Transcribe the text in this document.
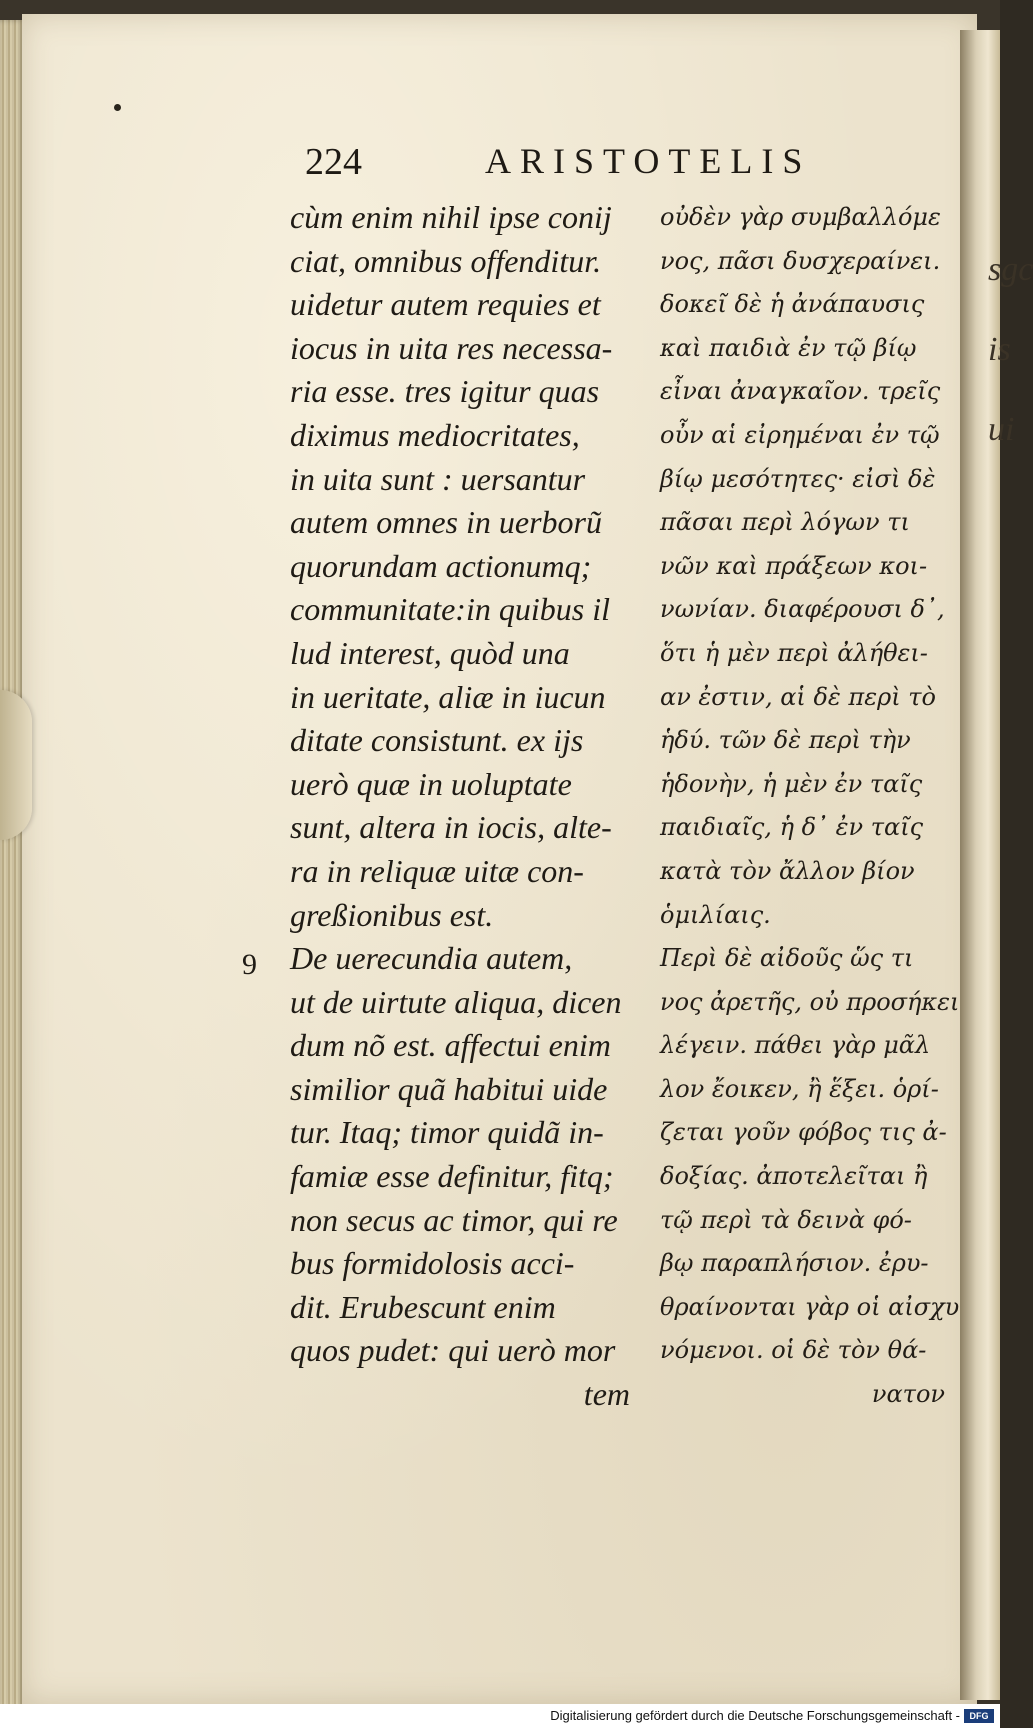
sgc is ui
224	ARISTOTELIS
9
cùm enim nihil ipse conij
ciat, omnibus offenditur.
uidetur autem requies et
iocus in uita res necessa-
ria esse. tres igitur quas
diximus mediocritates,
in uita sunt : uersantur
autem omnes in uerborũ
quorundam actionumq;
communitate:in quibus il
lud interest, quòd una
in ueritate, aliæ in iucun
ditate consistunt. ex ijs
uerò quæ in uoluptate
sunt, altera in iocis, alte-
ra in reliquæ uitæ con-
greßionibus est.
De uerecundia autem,
ut de uirtute aliqua, dicen
dum nõ est. affectui enim
similior quã habitui uide
tur. Itaq; timor quidã in-
famiæ esse definitur, fitq;
non secus ac timor, qui re
bus formidolosis acci-
dit. Erubescunt enim
quos pudet: qui uerò mor
tem
οὐδὲν γὰρ συμβαλλόμε
νος, πᾶσι δυσχεραίνει.
δοκεῖ δὲ ἡ ἀνάπαυσις
καὶ παιδιὰ ἐν τῷ βίῳ
εἶναι ἀναγκαῖον. τρεῖς
οὖν αἱ εἰρημέναι ἐν τῷ
βίῳ μεσότητες· εἰσὶ δὲ
πᾶσαι περὶ λόγων τι
νῶν καὶ πράξεων κοι-
νωνίαν. διαφέρουσι δ᾽,
ὅτι ἡ μὲν περὶ ἀλήθει-
αν ἐστιν, αἱ δὲ περὶ τὸ
ἡδύ. τῶν δὲ περὶ τὴν
ἡδονὴν, ἡ μὲν ἐν ταῖς
παιδιαῖς, ἡ δ᾽ ἐν ταῖς
κατὰ τὸν ἄλλον βίον
ὁμιλίαις.
Περὶ δὲ αἰδοῦς ὥς τι
νος ἀρετῆς, οὐ προσήκει
λέγειν. πάθει γὰρ μᾶλ
λον ἔοικεν, ἢ ἕξει. ὁρί-
ζεται γοῦν φόβος τις ἀ-
δοξίας. ἀποτελεῖται ἢ
τῷ περὶ τὰ δεινὰ φό-
βῳ παραπλήσιον. ἐρυ-
θραίνονται γὰρ οἱ αἰσχυ
νόμενοι. οἱ δὲ τὸν θά-
νατον
Digitalisierung gefördert durch die Deutsche Forschungsgemeinschaft -	DFG
